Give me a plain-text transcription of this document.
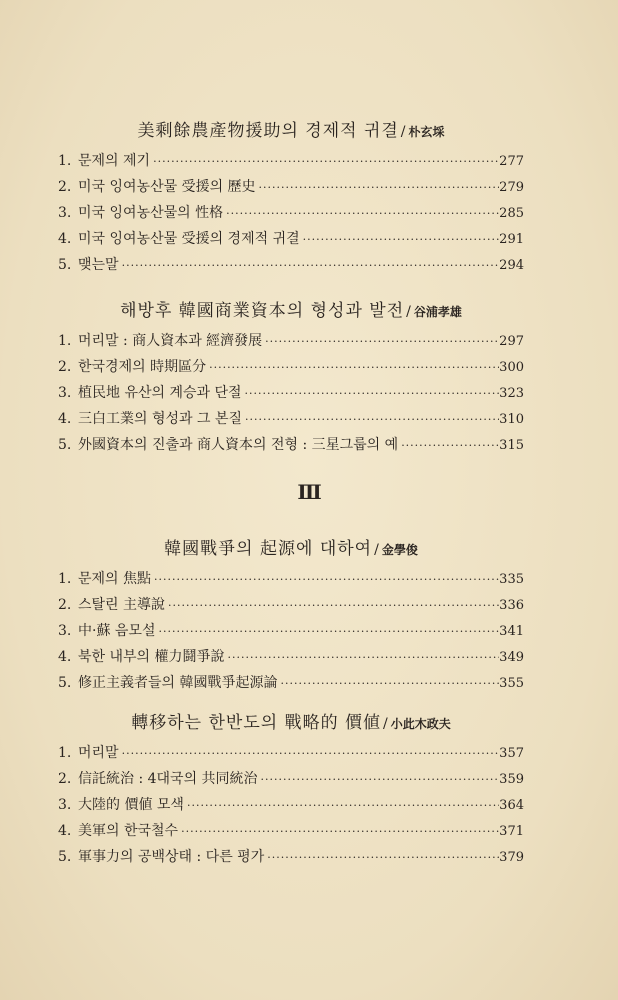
Ⅲ
美剩餘農產物援助의 경제적 귀결 / 朴玄埰
1. 문제의 제기 ·····	277
2. 미국 잉여농산물 受援의 歷史 ·····	279
3. 미국 잉여농산물의 性格 ·····	285
4. 미국 잉여농산물 受援의 경제적 귀결 ·····	291
5. 맺는말 ·····	294
해방후 韓國商業資本의 형성과 발전 / 谷浦孝雄
1. 머리말 : 商人資本과 經濟發展 ·····	297
2. 한국경제의 時期區分 ·····	300
3. 植民地 유산의 계승과 단절 ·····	323
4. 三白工業의 형성과 그 본질 ·····	310
5. 外國資本의 진출과 商人資本의 전형 : 三星그룹의 예 ·····	315
韓國戰爭의 起源에 대하여 / 金學俊
1. 문제의 焦點 ·····	335
2. 스탈린 主導說 ·····	336
3. 中·蘇 음모설 ·····	341
4. 북한 내부의 權力鬪爭說 ·····	349
5. 修正主義者들의 韓國戰爭起源論 ·····	355
轉移하는 한반도의 戰略的 價値 / 小此木政夫
1. 머리말 ·····	357
2. 信託統治 : 4대국의 共同統治 ·····	359
3. 大陸的 價値 모색 ·····	364
4. 美軍의 한국철수 ·····	371
5. 軍事力의 공백상태 : 다른 평가 ·····	379
